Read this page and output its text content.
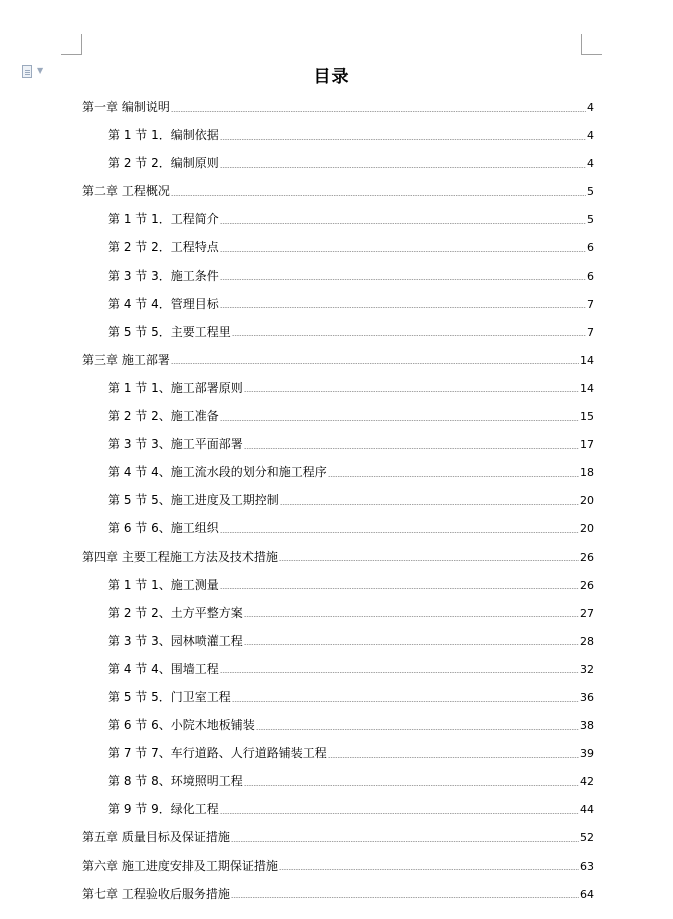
▼	目录
第一章 编制说明	4
第 1 节 1．编制依据	4
第 2 节 2．编制原则	4
第二章 工程概况	5
第 1 节 1．工程简介	5
第 2 节 2．工程特点	6
第 3 节 3．施工条件	6
第 4 节 4．管理目标	7
第 5 节 5．主要工程里	7
第三章 施工部署	14
第 1 节 1、施工部署原则	14
第 2 节 2、施工准备	15
第 3 节 3、施工平面部署	17
第 4 节 4、施工流水段的划分和施工程序	18
第 5 节 5、施工进度及工期控制	20
第 6 节 6、施工组织	20
第四章 主要工程施工方法及技术措施	26
第 1 节 1、施工测量	26
第 2 节 2、土方平整方案	27
第 3 节 3、园林喷灌工程	28
第 4 节 4、围墙工程	32
第 5 节 5．门卫室工程	36
第 6 节 6、小院木地板铺装	38
第 7 节 7、车行道路、人行道路铺装工程	39
第 8 节 8、环境照明工程	42
第 9 节 9．绿化工程	44
第五章 质量目标及保证措施	52
第六章 施工进度安排及工期保证措施	63
第七章 工程验收后服务措施	64
